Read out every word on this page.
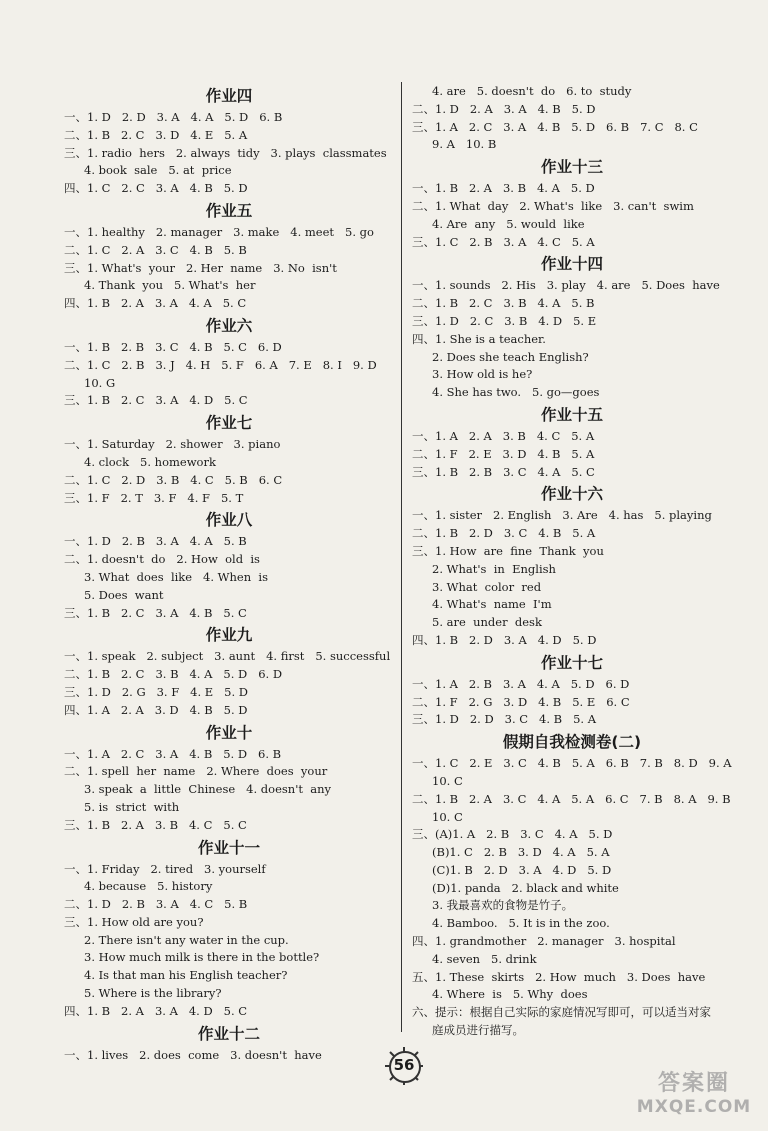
作业四
一、1. D   2. D   3. A   4. A   5. D   6. B
二、1. B   2. C   3. D   4. E   5. A
三、1. radio  hers   2. always  tidy   3. plays  classmates
4. book  sale   5. at  price
四、1. C   2. C   3. A   4. B   5. D
作业五
一、1. healthy   2. manager   3. make   4. meet   5. go
二、1. C   2. A   3. C   4. B   5. B
三、1. What's  your   2. Her  name   3. No  isn't
4. Thank  you   5. What's  her
四、1. B   2. A   3. A   4. A   5. C
作业六
一、1. B   2. B   3. C   4. B   5. C   6. D
二、1. C   2. B   3. J   4. H   5. F   6. A   7. E   8. I   9. D
10. G
三、1. B   2. C   3. A   4. D   5. C
作业七
一、1. Saturday   2. shower   3. piano
4. clock   5. homework
二、1. C   2. D   3. B   4. C   5. B   6. C
三、1. F   2. T   3. F   4. F   5. T
作业八
一、1. D   2. B   3. A   4. A   5. B
二、1. doesn't  do   2. How  old  is
3. What  does  like   4. When  is
5. Does  want
三、1. B   2. C   3. A   4. B   5. C
作业九
一、1. speak   2. subject   3. aunt   4. first   5. successful
二、1. B   2. C   3. B   4. A   5. D   6. D
三、1. D   2. G   3. F   4. E   5. D
四、1. A   2. A   3. D   4. B   5. D
作业十
一、1. A   2. C   3. A   4. B   5. D   6. B
二、1. spell  her  name   2. Where  does  your
3. speak  a  little  Chinese   4. doesn't  any
5. is  strict  with
三、1. B   2. A   3. B   4. C   5. C
作业十一
一、1. Friday   2. tired   3. yourself
4. because   5. history
二、1. D   2. B   3. A   4. C   5. B
三、1. How old are you?
2. There isn't any water in the cup.
3. How much milk is there in the bottle?
4. Is that man his English teacher?
5. Where is the library?
四、1. B   2. A   3. A   4. D   5. C
作业十二
一、1. lives   2. does  come   3. doesn't  have
4. are   5. doesn't  do   6. to  study
二、1. D   2. A   3. A   4. B   5. D
三、1. A   2. C   3. A   4. B   5. D   6. B   7. C   8. C
9. A   10. B
作业十三
一、1. B   2. A   3. B   4. A   5. D
二、1. What  day   2. What's  like   3. can't  swim
4. Are  any   5. would  like
三、1. C   2. B   3. A   4. C   5. A
作业十四
一、1. sounds   2. His   3. play   4. are   5. Does  have
二、1. B   2. C   3. B   4. A   5. B
三、1. D   2. C   3. B   4. D   5. E
四、1. She is a teacher.
2. Does she teach English?
3. How old is he?
4. She has two.   5. go—goes
作业十五
一、1. A   2. A   3. B   4. C   5. A
二、1. F   2. E   3. D   4. B   5. A
三、1. B   2. B   3. C   4. A   5. C
作业十六
一、1. sister   2. English   3. Are   4. has   5. playing
二、1. B   2. D   3. C   4. B   5. A
三、1. How  are  fine  Thank  you
2. What's  in  English
3. What  color  red
4. What's  name  I'm
5. are  under  desk
四、1. B   2. D   3. A   4. D   5. D
作业十七
一、1. A   2. B   3. A   4. A   5. D   6. D
二、1. F   2. G   3. D   4. B   5. E   6. C
三、1. D   2. D   3. C   4. B   5. A
假期自我检测卷(二)
一、1. C   2. E   3. C   4. B   5. A   6. B   7. B   8. D   9. A
10. C
二、1. B   2. A   3. C   4. A   5. A   6. C   7. B   8. A   9. B
10. C
三、(A)1. A   2. B   3. C   4. A   5. D
(B)1. C   2. B   3. D   4. A   5. A
(C)1. B   2. D   3. A   4. D   5. D
(D)1. panda   2. black and white
3. 我最喜欢的食物是竹子。
4. Bamboo.   5. It is in the zoo.
四、1. grandmother   2. manager   3. hospital
4. seven   5. drink
五、1. These  skirts   2. How  much   3. Does  have
4. Where  is   5. Why  does
六、提示：根据自己实际的家庭情况写即可，可以适当对家
庭成员进行描写。
56
答案圈
MXQE.COM
